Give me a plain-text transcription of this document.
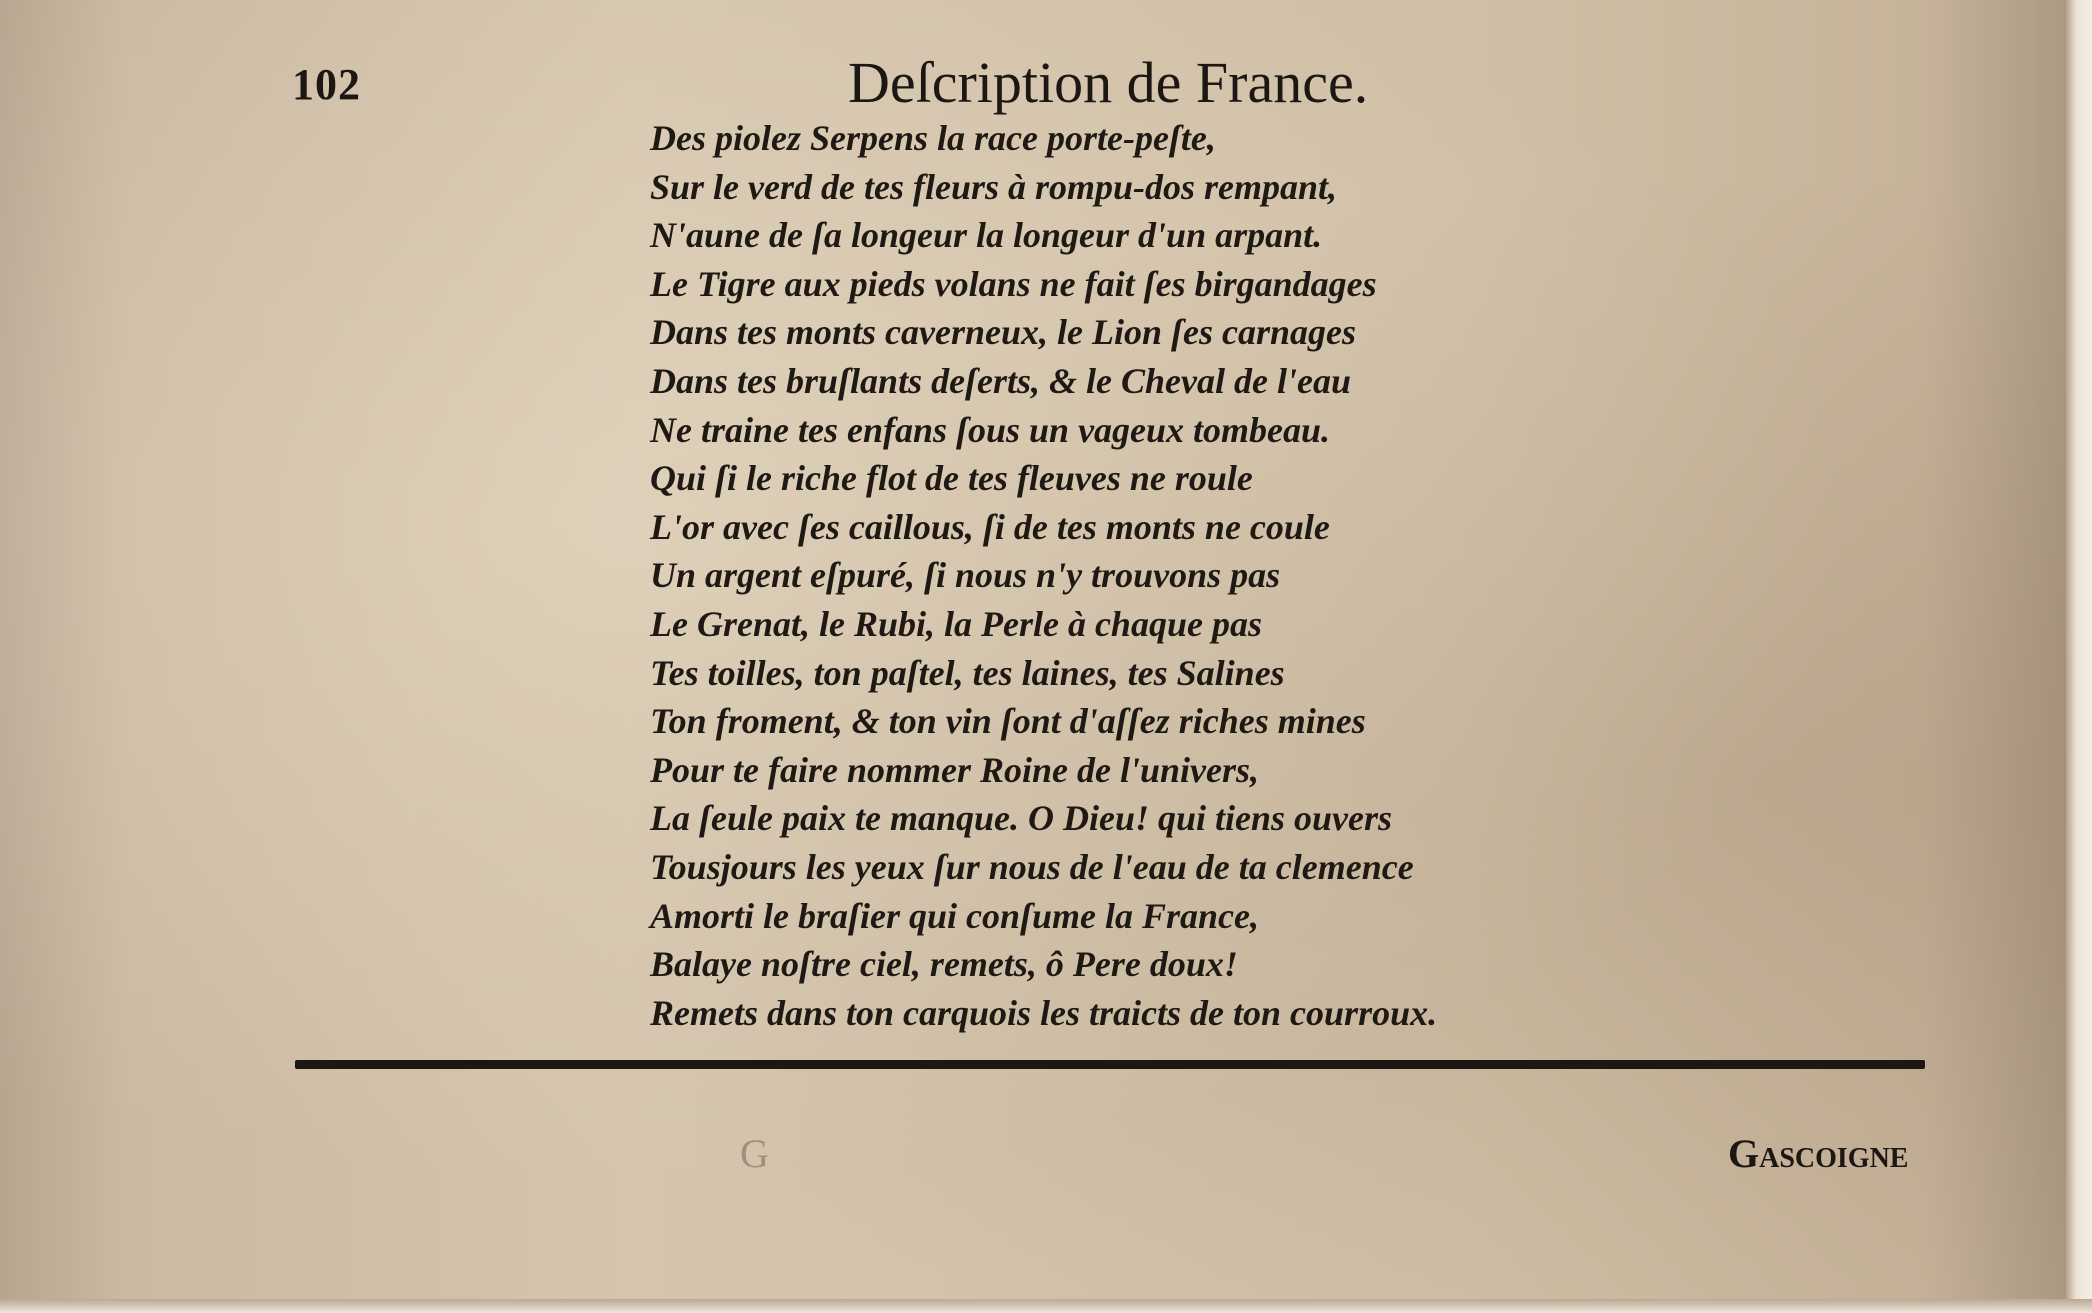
102	Deſcription de France.
Des piolez Serpens la race porte-peſte,
Sur le verd de tes fleurs à rompu-dos rempant,
N'aune de ſa longeur la longeur d'un arpant.
Le Tigre aux pieds volans ne fait ſes birgandages
Dans tes monts caverneux, le Lion ſes carnages
Dans tes bruſlants deſerts, & le Cheval de l'eau
Ne traine tes enfans ſous un vageux tombeau.
Qui ſi le riche flot de tes fleuves ne roule
L'or avec ſes caillous, ſi de tes monts ne coule
Un argent eſpuré, ſi nous n'y trouvons pas
Le Grenat, le Rubi, la Perle à chaque pas
Tes toilles, ton paſtel, tes laines, tes Salines
Ton froment, & ton vin ſont d'aſſez riches mines
Pour te faire nommer Roine de l'univers,
La ſeule paix te manque. O Dieu! qui tiens ouvers
Tousjours les yeux ſur nous de l'eau de ta clemence
Amorti le braſier qui conſume la France,
Balaye noſtre ciel, remets, ô Pere doux!
Remets dans ton carquois les traicts de ton courroux.
G	Gascoigne
